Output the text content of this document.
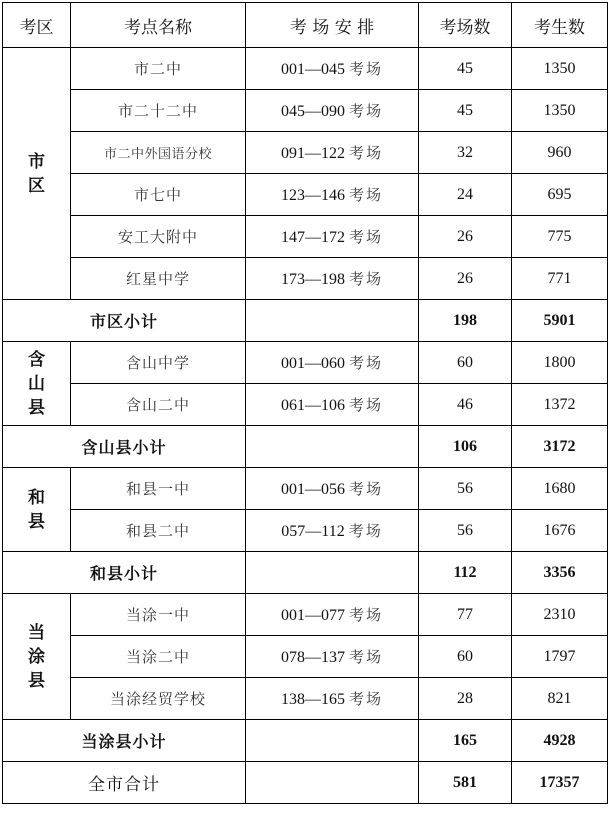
考区	考点名称	考 场 安 排	考场数	考生数

市
区	市二中	001—045 考场	45	1350
	市二十二中	045—090 考场	45	1350
	市二中外国语分校	091—122 考场	32	960
	市七中	123—146 考场	24	695
	安工大附中	147—172 考场	26	775
	红星中学	173—198 考场	26	771
市区小计			198	5901

含
山
县	含山中学	001—060 考场	60	1800
	含山二中	061—106 考场	46	1372
含山县小计			106	3172

和
县	和县一中	001—056 考场	56	1680
	和县二中	057—112 考场	56	1676
和县小计			112	3356

当
涂
县	当涂一中	001—077 考场	77	2310
	当涂二中	078—137 考场	60	1797
	当涂经贸学校	138—165 考场	28	821
当涂县小计			165	4928
全市合计			581	17357
